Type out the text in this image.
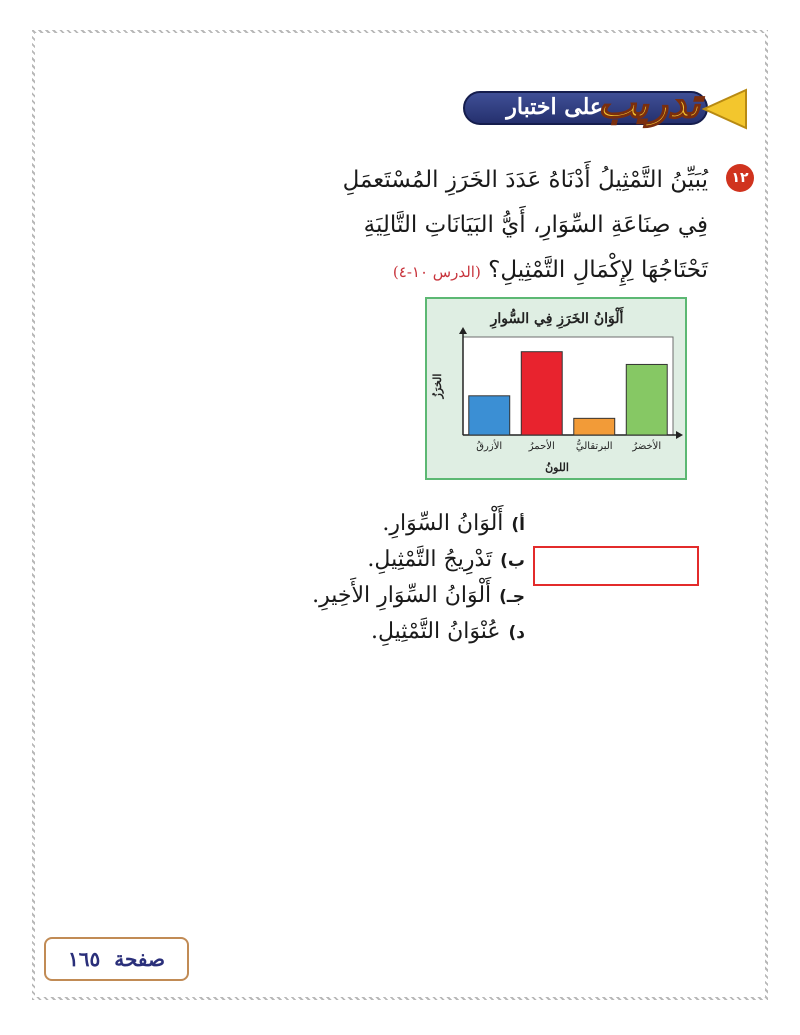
على اختبار
تدريب
١٢
يُبَيِّنُ التَّمْثِيلُ أَدْنَاهُ عَدَدَ الخَرَزِ المُسْتَعمَلِ
فِي صِنَاعَةِ السِّوَارِ، أَيُّ البَيَانَاتِ التَّالِيَةِ
تَحْتَاجُهَا لِإِكْمَالِ التَّمْثِيلِ؟ (الدرس ١٠-٤)
أَلْوَانُ الخَرَزِ فِي السُّوارِ
اللونُ
الخرَزُ
الأزرقُ	الأحمرُ البرتقاليُّ الأخضرُ
أ)أَلْوَانُ السِّوَارِ.
ب)تَدْرِيجُ التَّمْثِيلِ.
جـ)أَلْوَانُ السِّوَارِ الأَخِيرِ.
د)عُنْوَانُ التَّمْثِيلِ.
صفحة  ١٦٥
